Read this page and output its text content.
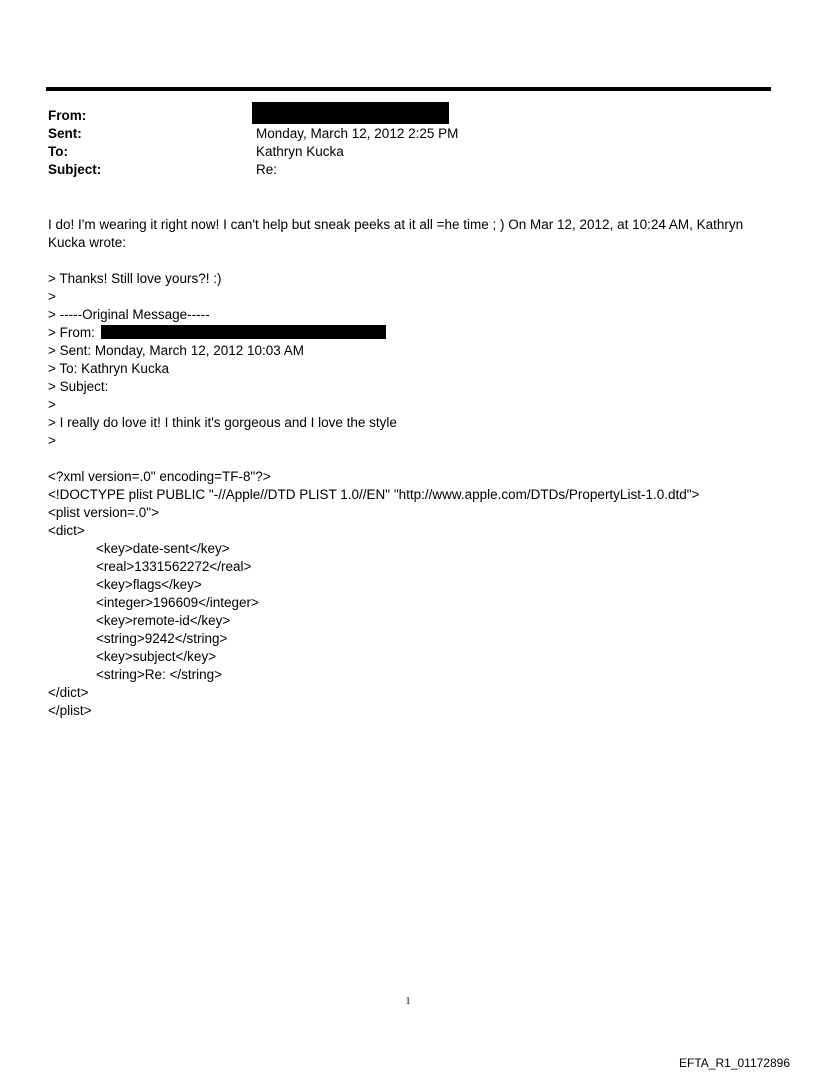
From:
Sent:	Monday, March 12, 2012 2:25 PM
To:	Kathryn Kucka
Subject:	Re:

I do! I'm wearing it right now! I can't help but sneak peeks at it all =he time ; ) On Mar 12, 2012, at 10:24 AM, Kathryn Kucka wrote:

> Thanks! Still love yours?! :)
>
> -----Original Message-----
> From:
> Sent: Monday, March 12, 2012 10:03 AM
> To: Kathryn Kucka
> Subject:
>
> I really do love it! I think it's gorgeous and I love the style
>
<?xml version=.0" encoding=TF-8"?>
<!DOCTYPE plist PUBLIC "-//Apple//DTD PLIST 1.0//EN" "http://www.apple.com/DTDs/PropertyList-1.0.dtd">
<plist version=.0">
<dict>
<key>date-sent</key>
<real>1331562272</real>
<key>flags</key>
<integer>196609</integer>
<key>remote-id</key>
<string>9242</string>
<key>subject</key>
<string>Re: </string>
</dict>
</plist>
1
EFTA_R1_01172896
